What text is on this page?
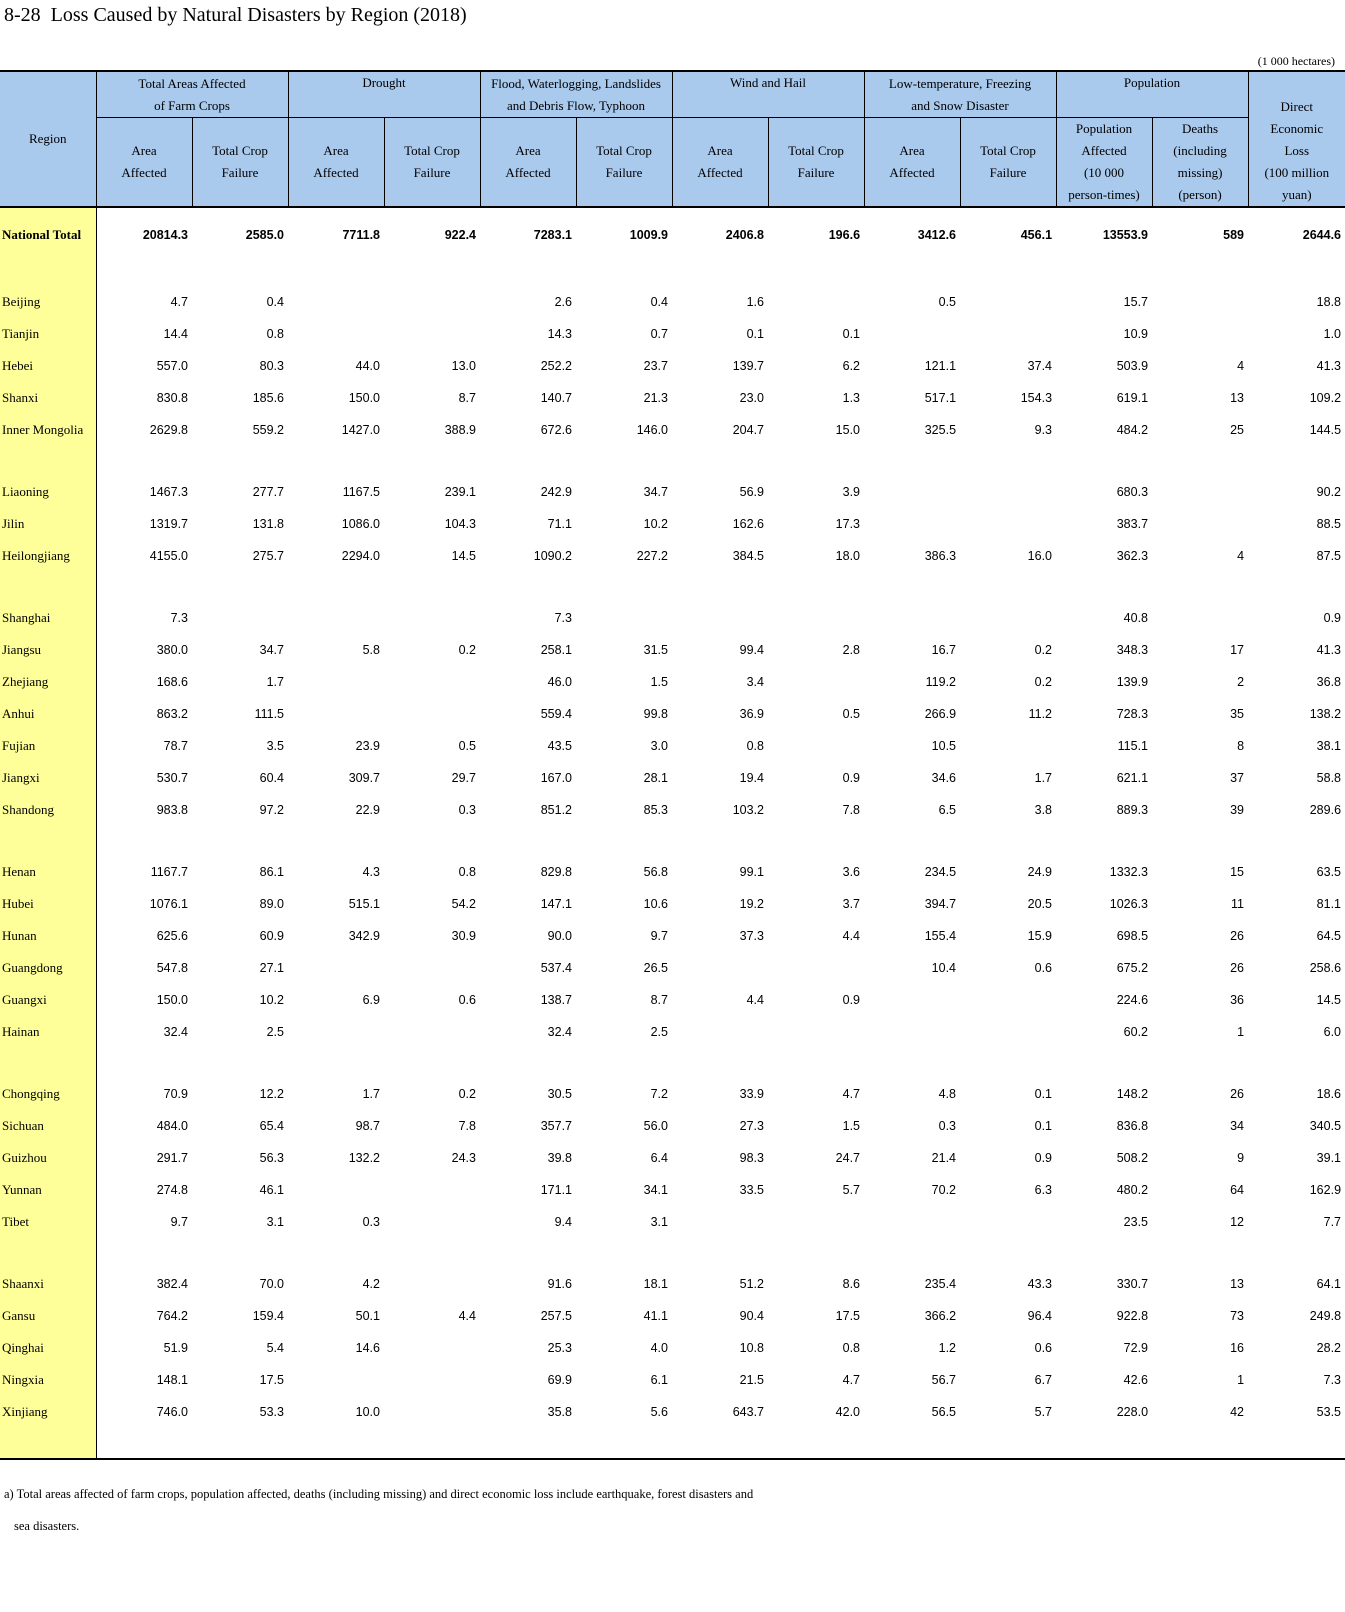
8-28  Loss Caused by Natural Disasters by Region (2018)
(1 000 hectares)
Region	Total Areas Affected
of Farm Crops		Drought		Flood, Waterlogging, Landslides
and Debris Flow, Typhoon		Wind and Hail		Low-temperature, Freezing
and Snow Disaster		Population		Direct
Economic
Loss
(100 million
yuan)
	Area
Affected	Total Crop
Failure	Area
Affected	Total Crop
Failure	Area
Affected	Total Crop
Failure	Area
Affected	Total Crop
Failure	Area
Affected	Total Crop
Failure	Population
Affected
(10 000
person-times)	Deaths
(including
missing)
(person)	

National Total	20814.3	2585.0	7711.8	922.4	7283.1	1009.9	2406.8	196.6	3412.6	456.1	13553.9	589	2644.6

Beijing	4.7	0.4			2.6	0.4	1.6		0.5		15.7		18.8
Tianjin	14.4	0.8			14.3	0.7	0.1	0.1			10.9		1.0
Hebei	557.0	80.3	44.0	13.0	252.2	23.7	139.7	6.2	121.1	37.4	503.9	4	41.3
Shanxi	830.8	185.6	150.0	8.7	140.7	21.3	23.0	1.3	517.1	154.3	619.1	13	109.2
Inner Mongolia	2629.8	559.2	1427.0	388.9	672.6	146.0	204.7	15.0	325.5	9.3	484.2	25	144.5

Liaoning	1467.3	277.7	1167.5	239.1	242.9	34.7	56.9	3.9			680.3		90.2
Jilin	1319.7	131.8	1086.0	104.3	71.1	10.2	162.6	17.3			383.7		88.5
Heilongjiang	4155.0	275.7	2294.0	14.5	1090.2	227.2	384.5	18.0	386.3	16.0	362.3	4	87.5

Shanghai	7.3				7.3						40.8		0.9
Jiangsu	380.0	34.7	5.8	0.2	258.1	31.5	99.4	2.8	16.7	0.2	348.3	17	41.3
Zhejiang	168.6	1.7			46.0	1.5	3.4		119.2	0.2	139.9	2	36.8
Anhui	863.2	111.5			559.4	99.8	36.9	0.5	266.9	11.2	728.3	35	138.2
Fujian	78.7	3.5	23.9	0.5	43.5	3.0	0.8		10.5		115.1	8	38.1
Jiangxi	530.7	60.4	309.7	29.7	167.0	28.1	19.4	0.9	34.6	1.7	621.1	37	58.8
Shandong	983.8	97.2	22.9	0.3	851.2	85.3	103.2	7.8	6.5	3.8	889.3	39	289.6

Henan	1167.7	86.1	4.3	0.8	829.8	56.8	99.1	3.6	234.5	24.9	1332.3	15	63.5
Hubei	1076.1	89.0	515.1	54.2	147.1	10.6	19.2	3.7	394.7	20.5	1026.3	11	81.1
Hunan	625.6	60.9	342.9	30.9	90.0	9.7	37.3	4.4	155.4	15.9	698.5	26	64.5
Guangdong	547.8	27.1			537.4	26.5			10.4	0.6	675.2	26	258.6
Guangxi	150.0	10.2	6.9	0.6	138.7	8.7	4.4	0.9			224.6	36	14.5
Hainan	32.4	2.5			32.4	2.5					60.2	1	6.0

Chongqing	70.9	12.2	1.7	0.2	30.5	7.2	33.9	4.7	4.8	0.1	148.2	26	18.6
Sichuan	484.0	65.4	98.7	7.8	357.7	56.0	27.3	1.5	0.3	0.1	836.8	34	340.5
Guizhou	291.7	56.3	132.2	24.3	39.8	6.4	98.3	24.7	21.4	0.9	508.2	9	39.1
Yunnan	274.8	46.1			171.1	34.1	33.5	5.7	70.2	6.3	480.2	64	162.9
Tibet	9.7	3.1	0.3		9.4	3.1					23.5	12	7.7

Shaanxi	382.4	70.0	4.2		91.6	18.1	51.2	8.6	235.4	43.3	330.7	13	64.1
Gansu	764.2	159.4	50.1	4.4	257.5	41.1	90.4	17.5	366.2	96.4	922.8	73	249.8
Qinghai	51.9	5.4	14.6		25.3	4.0	10.8	0.8	1.2	0.6	72.9	16	28.2
Ningxia	148.1	17.5			69.9	6.1	21.5	4.7	56.7	6.7	42.6	1	7.3
Xinjiang	746.0	53.3	10.0		35.8	5.6	643.7	42.0	56.5	5.7	228.0	42	53.5

a) Total areas affected of farm crops, population affected, deaths (including missing) and direct economic loss include earthquake, forest disasters and
sea disasters.
